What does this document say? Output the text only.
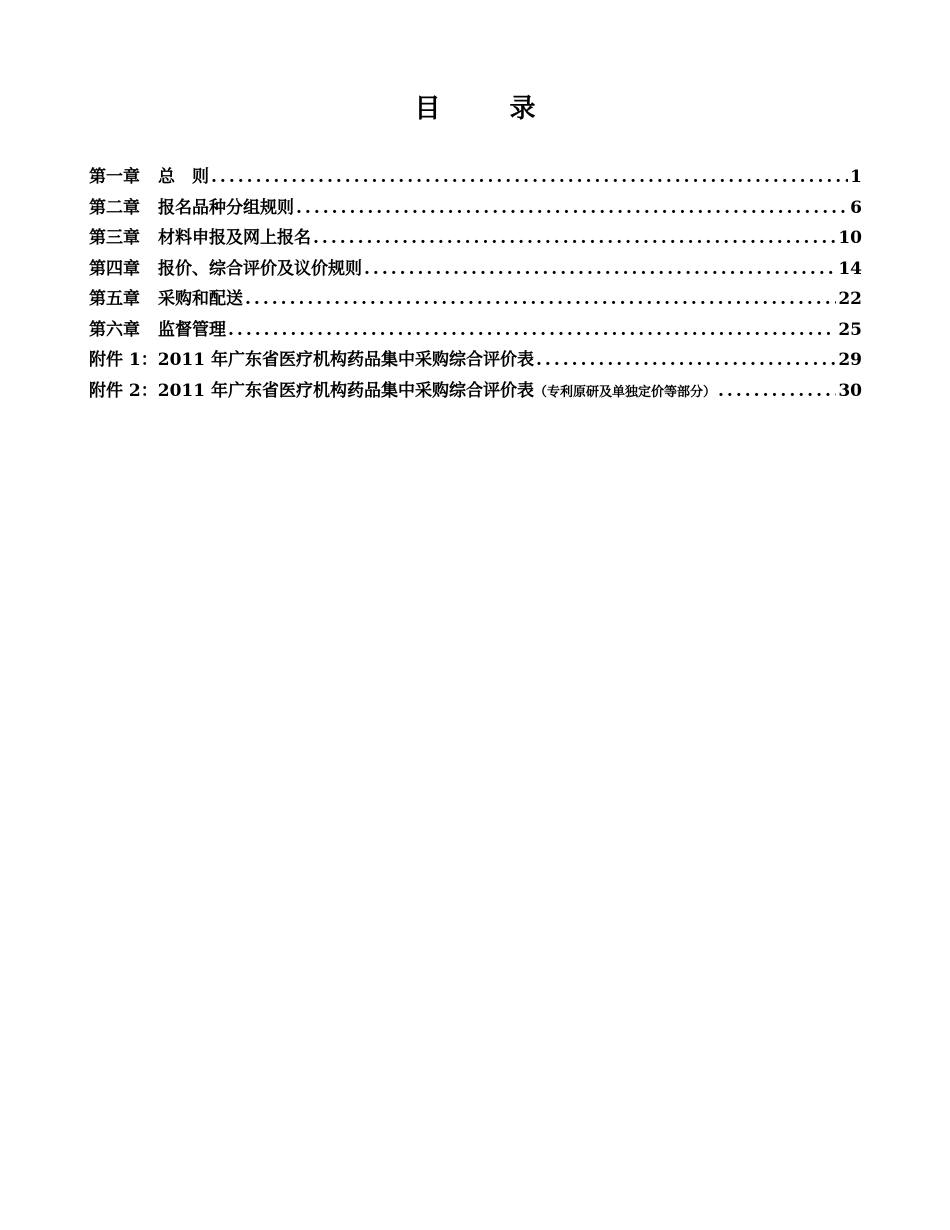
目 录
第一章 总　则 .....	1
第二章 报名品种分组规则 .....	6
第三章 材料申报及网上报名 .....	10
第四章 报价、综合评价及议价规则 .....	14
第五章 采购和配送 .....	22
第六章 监督管理 .....	25
附件 1： 2011 年广东省医疗机构药品集中采购综合评价表 .....	29
附件 2： 2011 年广东省医疗机构药品集中采购综合评价表（专利原研及单独定价等部分） .....	30
